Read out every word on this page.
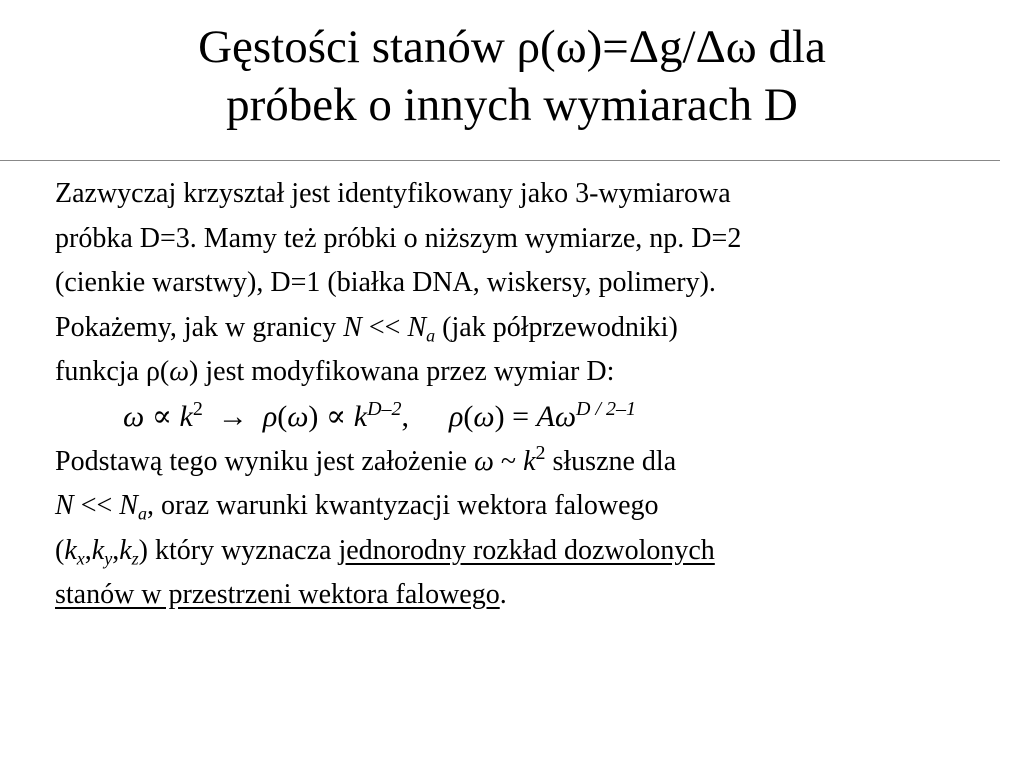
Gęstości stanów ρ(ω)=Δg/Δω dla
próbek o innych wymiarach D
Zazwyczaj krzyształ jest identyfikowany jako 3-wymiarowa
próbka D=3. Mamy też próbki o niższym wymiarze, np. D=2
(cienkie warstwy), D=1 (białka DNA, wiskersy, polimery).
Pokażemy, jak w granicy $N << N_a$ (jak półprzewodniki)
funkcja ρ(ω) jest modyfikowana przez wymiar D:
$\omega \propto k^2 \to \rho(\omega) \propto k^{D-2}$, $\rho(\omega) = A\omega^{D / 2-1}$
Podstawą tego wyniku jest założenie ω ~ $k^2$ słuszne dla
$N << N_a$, oraz warunki kwantyzacji wektora falowego
$(k_x,k_y,k_z)$ który wyznacza jednorodny rozkład dozwolonych
stanów w przestrzeni wektora falowego.
